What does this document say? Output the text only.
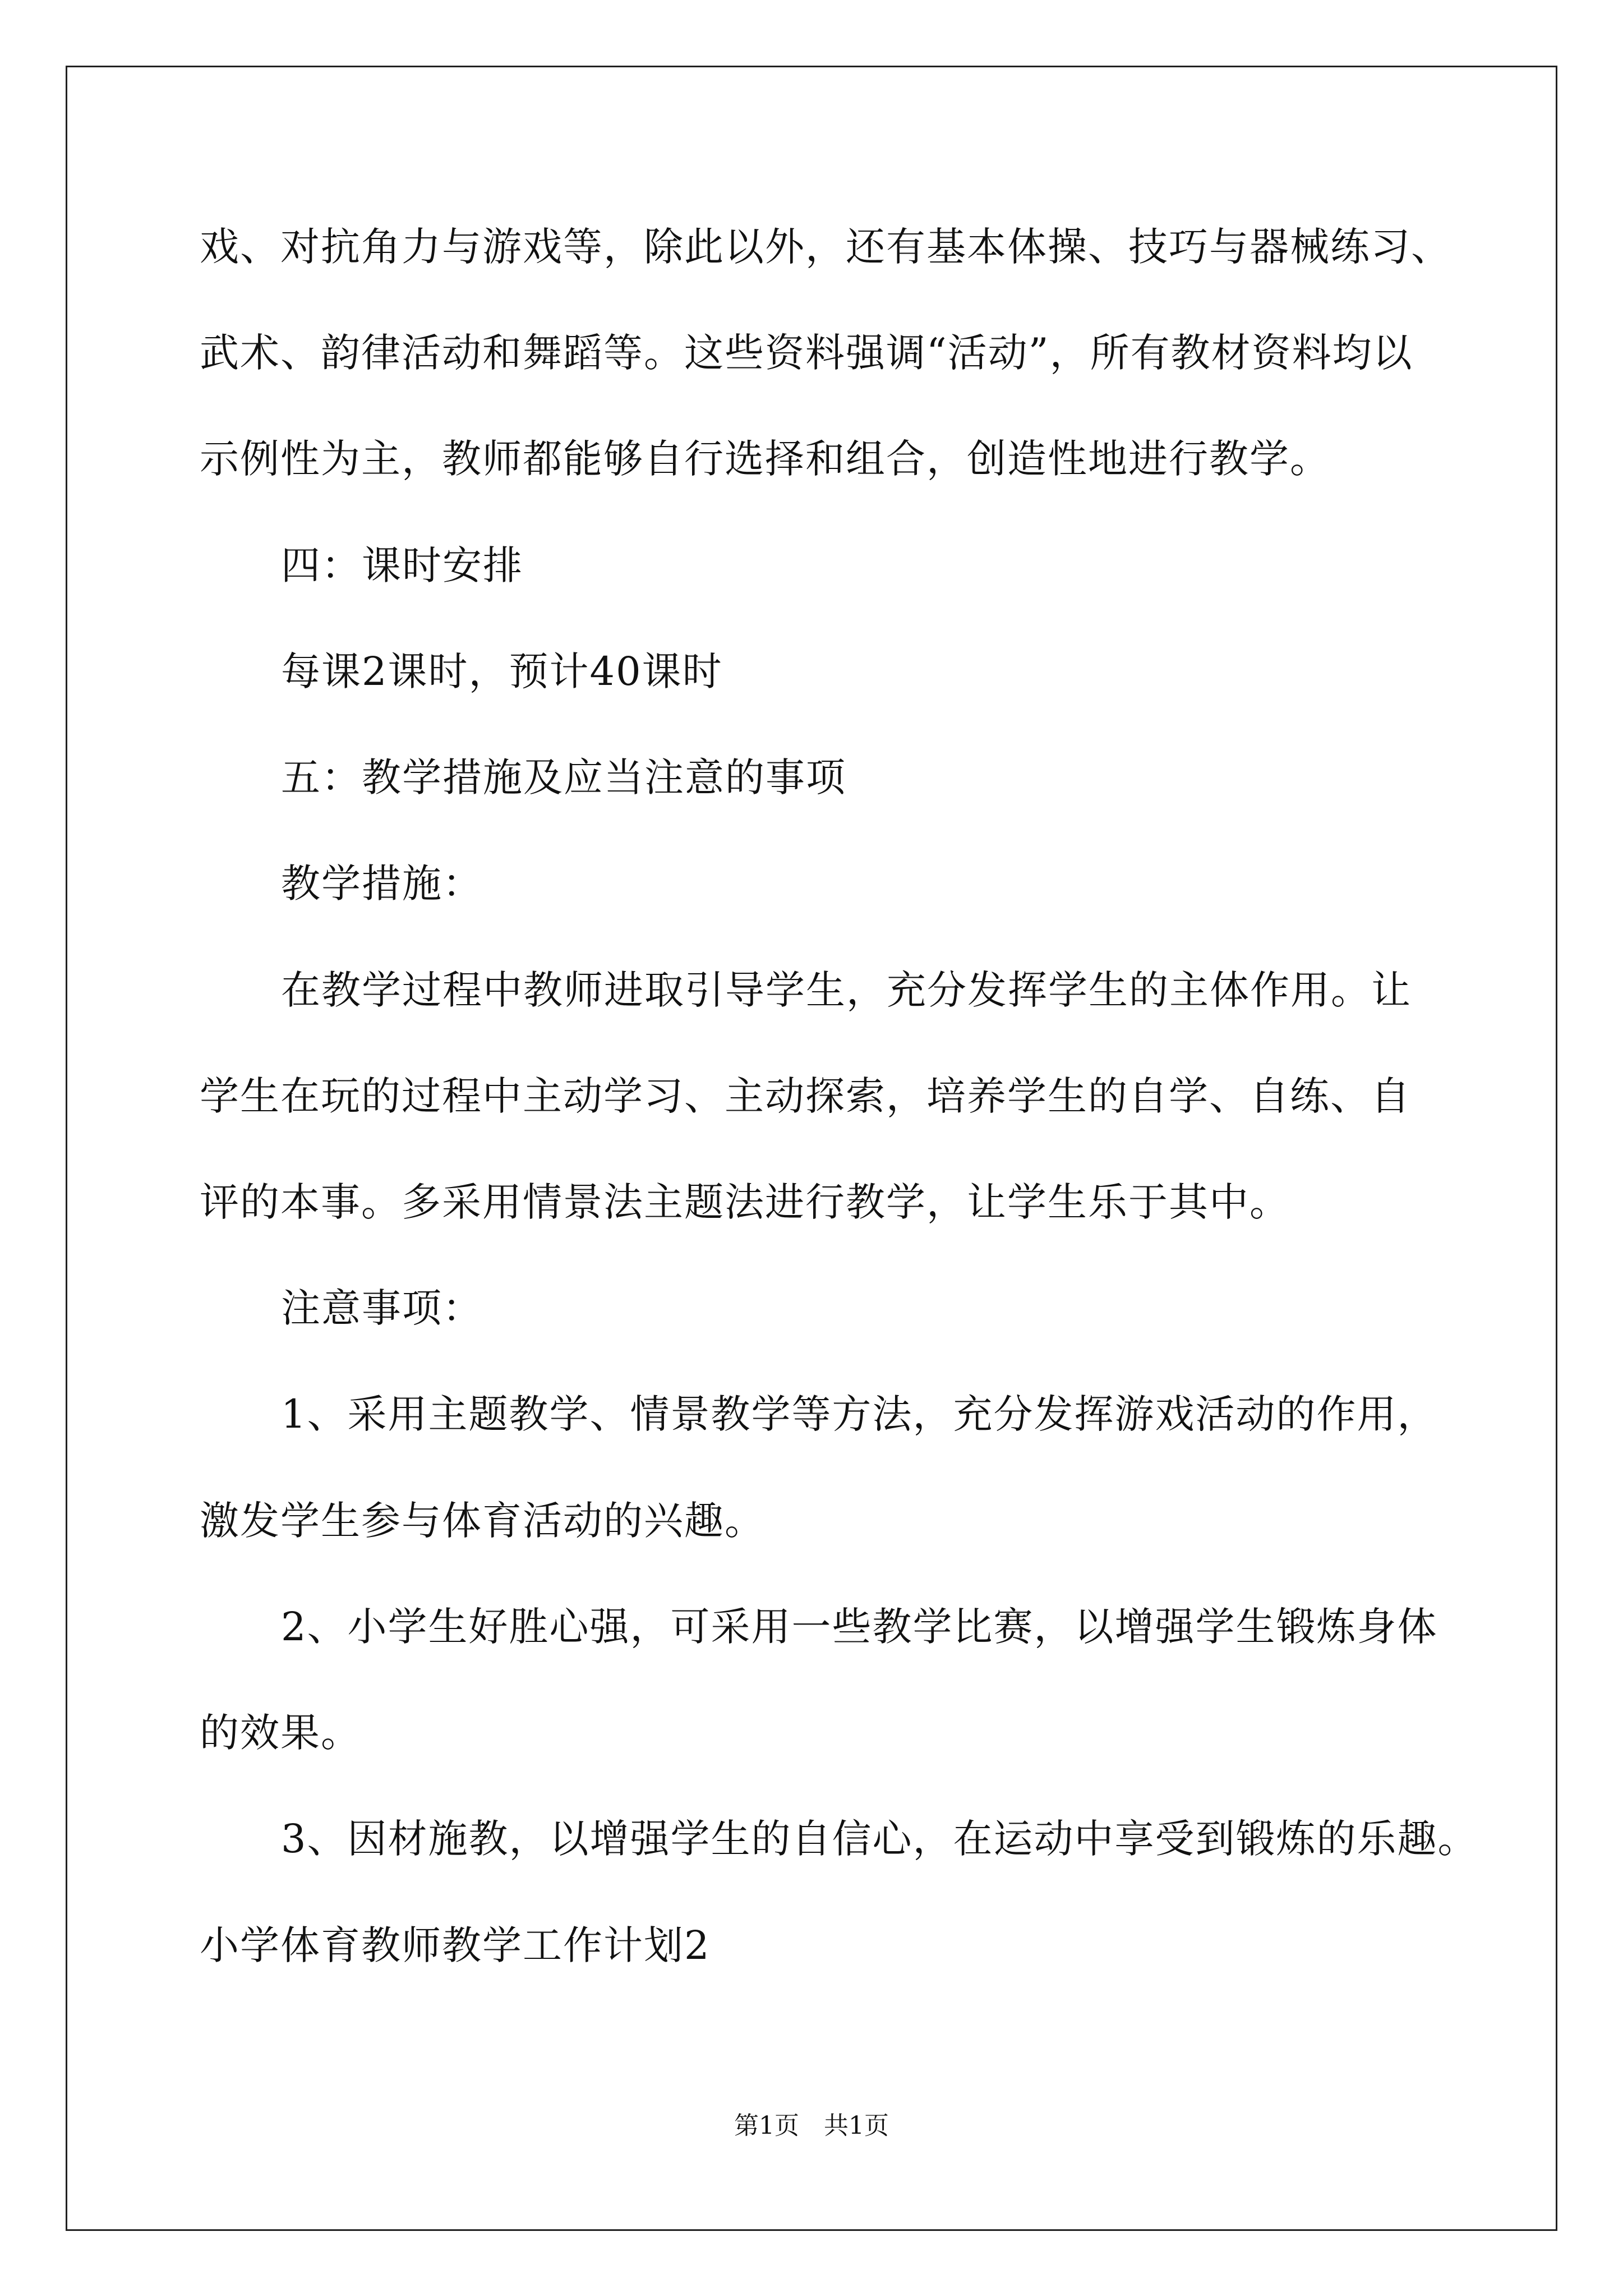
戏、对抗角力与游戏等，除此以外，还有基本体操、技巧与器械练习、
武术、韵律活动和舞蹈等。这些资料强调“活动”，所有教材资料均以
示例性为主，教师都能够自行选择和组合，创造性地进行教学。
四：课时安排
每课2课时，预计40课时
五：教学措施及应当注意的事项
教学措施：
在教学过程中教师进取引导学生，充分发挥学生的主体作用。让
学生在玩的过程中主动学习、主动探索，培养学生的自学、自练、自
评的本事。多采用情景法主题法进行教学，让学生乐于其中。
注意事项：
1、采用主题教学、情景教学等方法，充分发挥游戏活动的作用，
激发学生参与体育活动的兴趣。
2、小学生好胜心强，可采用一些教学比赛，以增强学生锻炼身体
的效果。
3、因材施教，以增强学生的自信心，在运动中享受到锻炼的乐趣。
小学体育教师教学工作计划2
第1页　共1页
